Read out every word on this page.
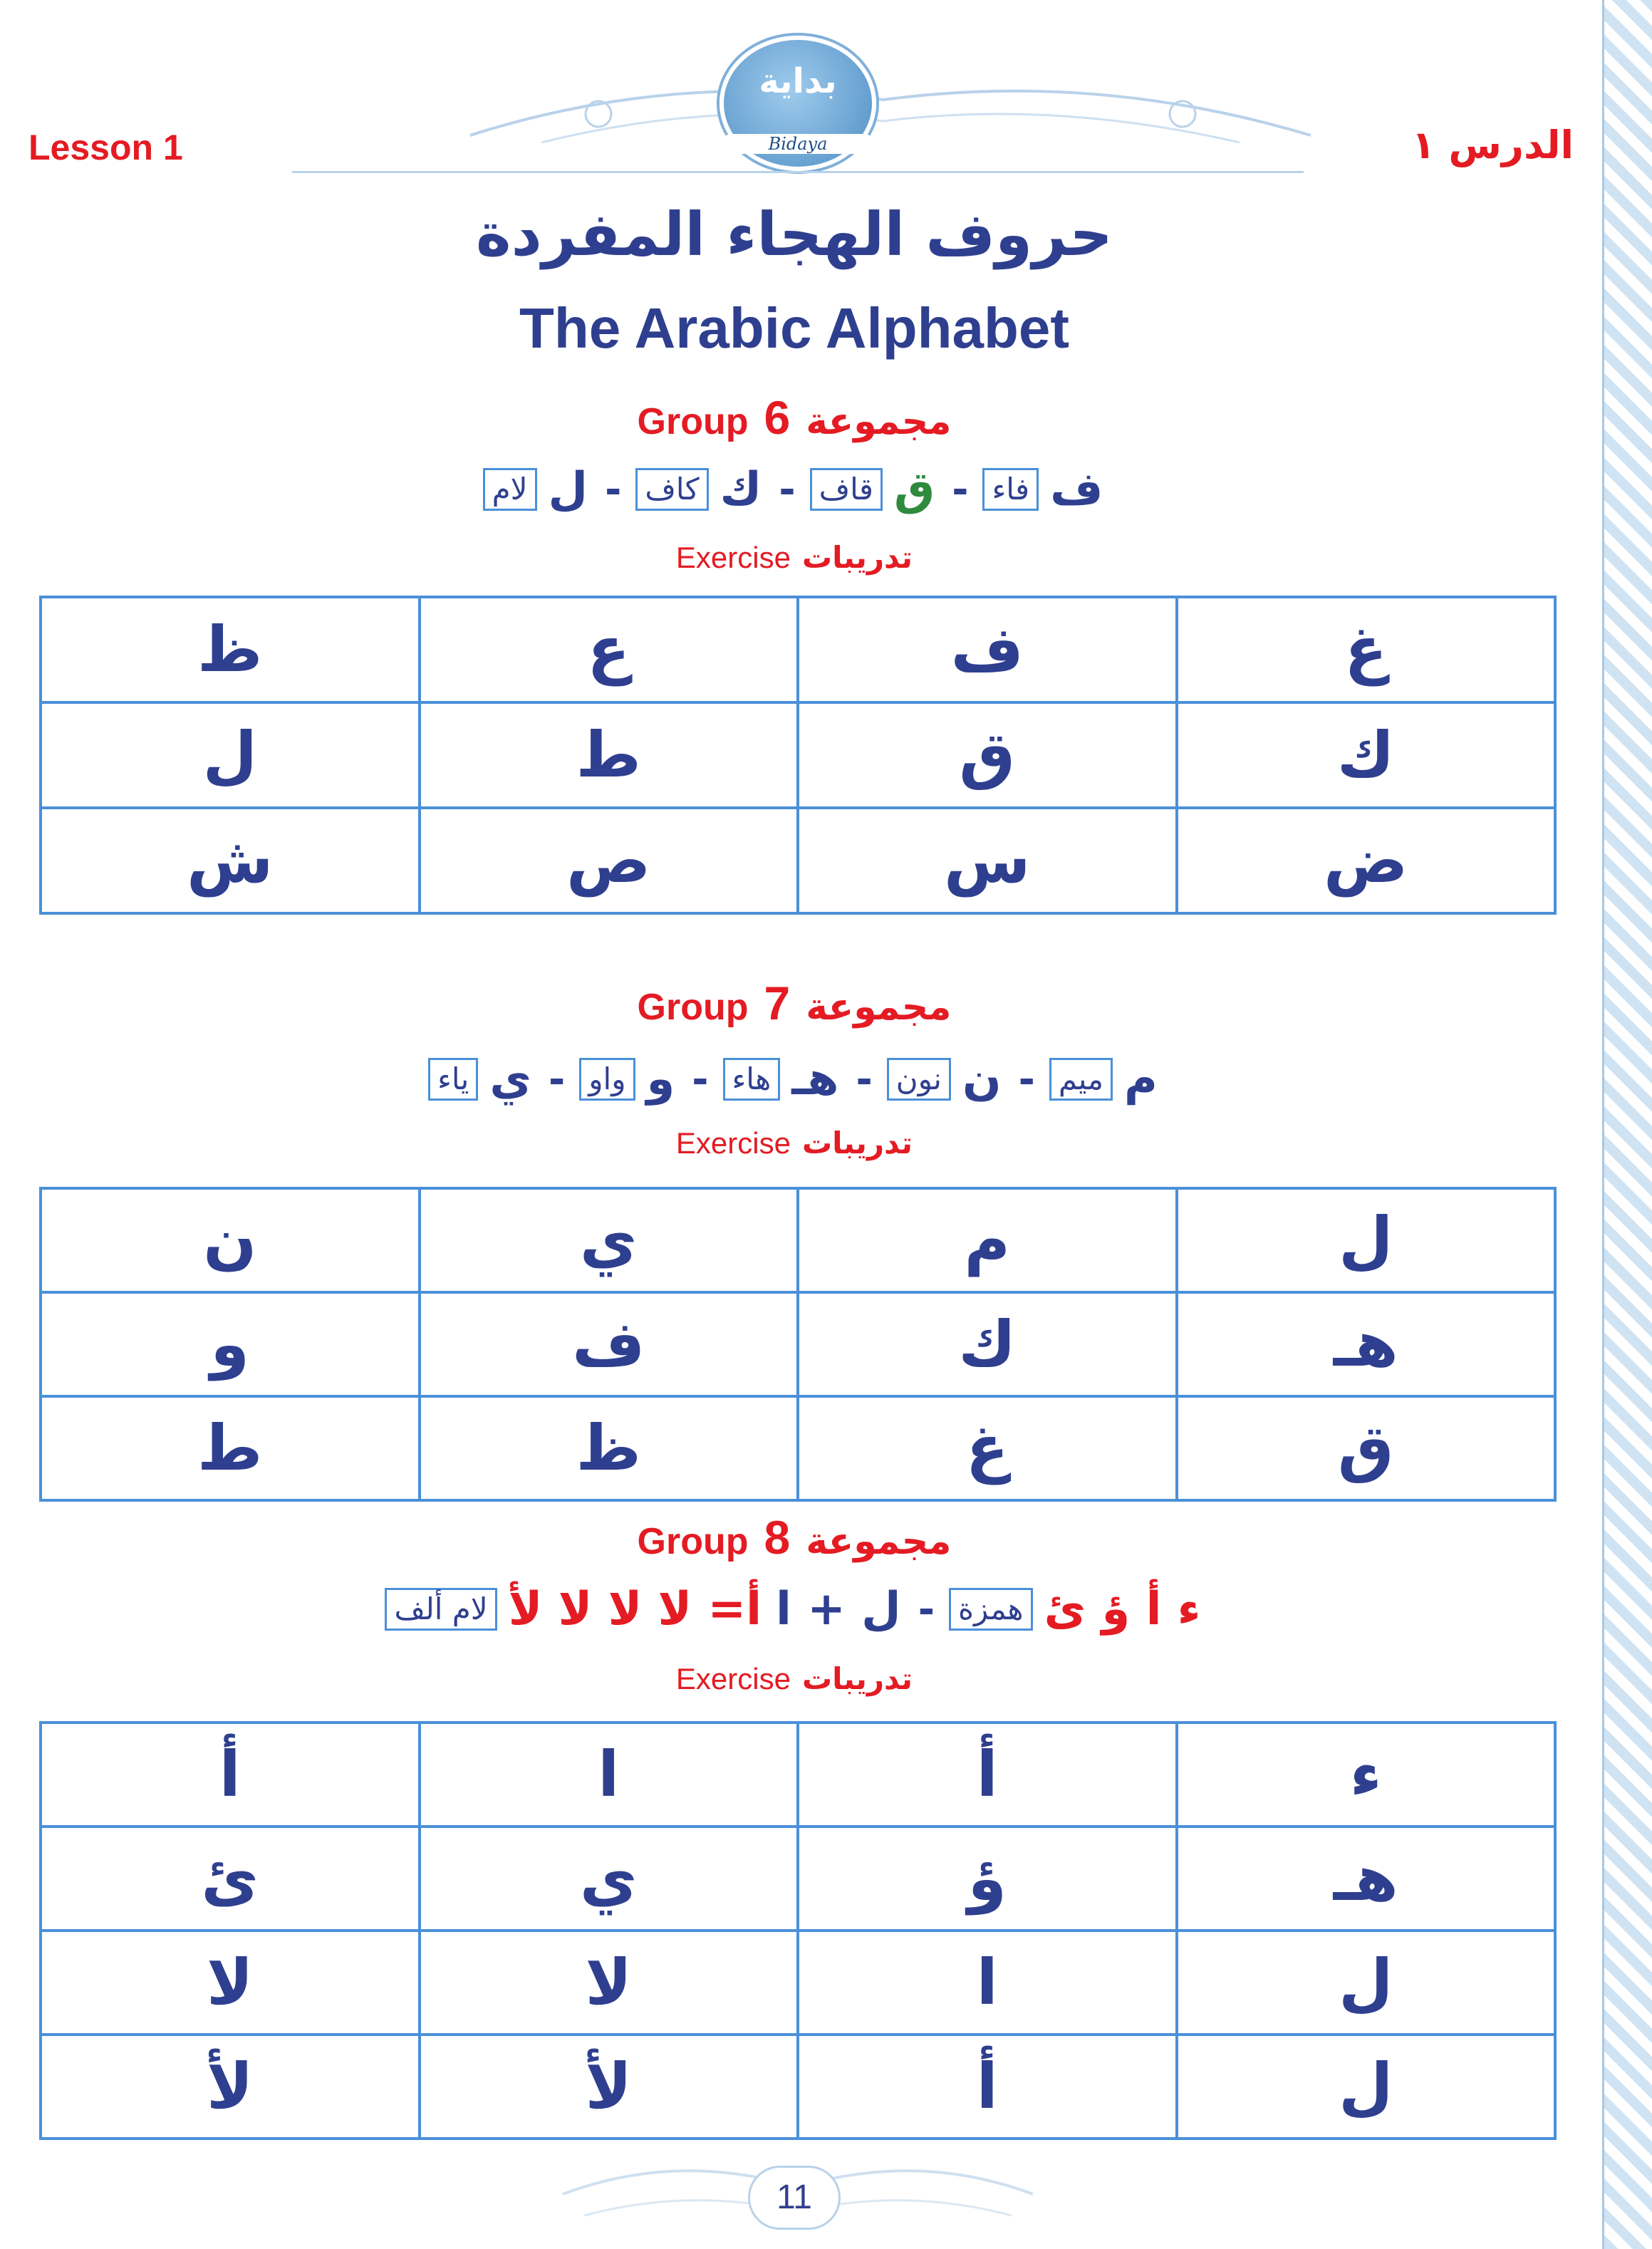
بداية
Bidaya
Lesson 1	الدرس ١
حروف الهجاء المفردة
The Arabic Alphabet
Group 6 مجموعة
ففاء-ققاف-ككاف-للام
Exercise تدريبات
غ	ف	ع	ظ
ك	ق	ط	ل
ض	س	ص	ش
Group 7 مجموعة
مميم-ننون-هـهاء-وواو-يياء
Exercise تدريبات
ل	م	ي	ن
هـ	ك	ف	و
ق	غ	ظ	ط
Group 8 مجموعة
ء أ ؤ ئهمزة-ل + اأ= لا لا لا لألام ألف
Exercise تدريبات
ء	أ	ا	أ
هـ	ؤ	ي	ئ
ل	ا	لا	لا
ل	أ	لأ	لأ
11
